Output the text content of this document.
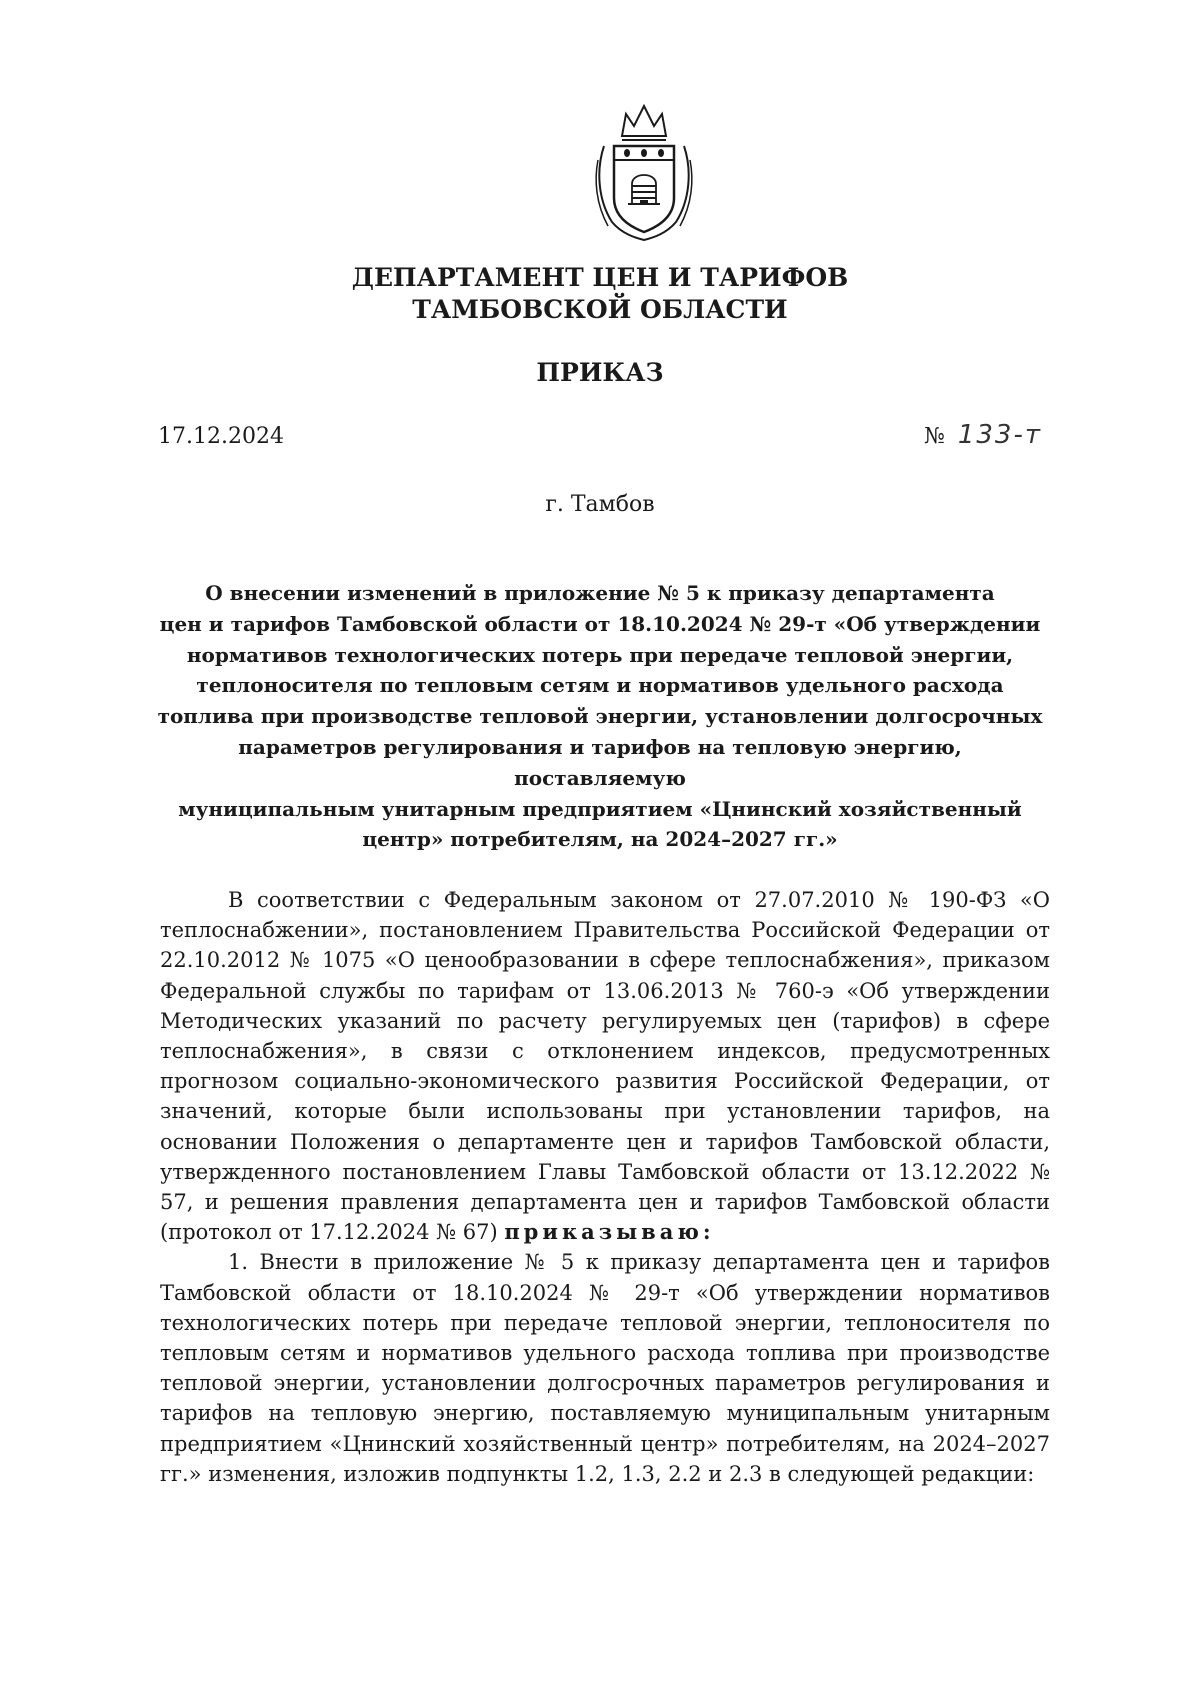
ДЕПАРТАМЕНТ ЦЕН И ТАРИФОВ
ТАМБОВСКОЙ ОБЛАСТИ
ПРИКАЗ
17.12.2024	№ 133-т
г. Тамбов
О внесении изменений в приложение № 5 к приказу департамента
цен и тарифов Тамбовской области от 18.10.2024 № 29-т «Об утверждении
нормативов технологических потерь при передаче тепловой энергии,
теплоносителя по тепловым сетям и нормативов удельного расхода
топлива при производстве тепловой энергии, установлении долгосрочных
параметров регулирования и тарифов на тепловую энергию, поставляемую
муниципальным унитарным предприятием «Цнинский хозяйственный
центр» потребителям, на 2024–2027 гг.»

В соответствии с Федеральным законом от 27.07.2010 № 190-ФЗ «О теплоснабжении», постановлением Правительства Российской Федерации от 22.10.2012 № 1075 «О ценообразовании в сфере теплоснабжения», приказом Федеральной службы по тарифам от 13.06.2013 № 760-э «Об утверждении Методических указаний по расчету регулируемых цен (тарифов) в сфере теплоснабжения», в связи с отклонением индексов, предусмотренных прогнозом социально-экономического развития Российской Федерации, от значений, которые были использованы при установлении тарифов, на основании Положения о департаменте цен и тарифов Тамбовской области, утвержденного постановлением Главы Тамбовской области от 13.12.2022 № 57, и решения правления департамента цен и тарифов Тамбовской области (протокол от 17.12.2024 № 67) приказываю:

1. Внести в приложение № 5 к приказу департамента цен и тарифов Тамбовской области от 18.10.2024 № 29-т «Об утверждении нормативов технологических потерь при передаче тепловой энергии, теплоносителя по тепловым сетям и нормативов удельного расхода топлива при производстве тепловой энергии, установлении долгосрочных параметров регулирования и тарифов на тепловую энергию, поставляемую муниципальным унитарным предприятием «Цнинский хозяйственный центр» потребителям, на 2024–2027 гг.» изменения, изложив подпункты 1.2, 1.3, 2.2 и 2.3 в следующей редакции:
